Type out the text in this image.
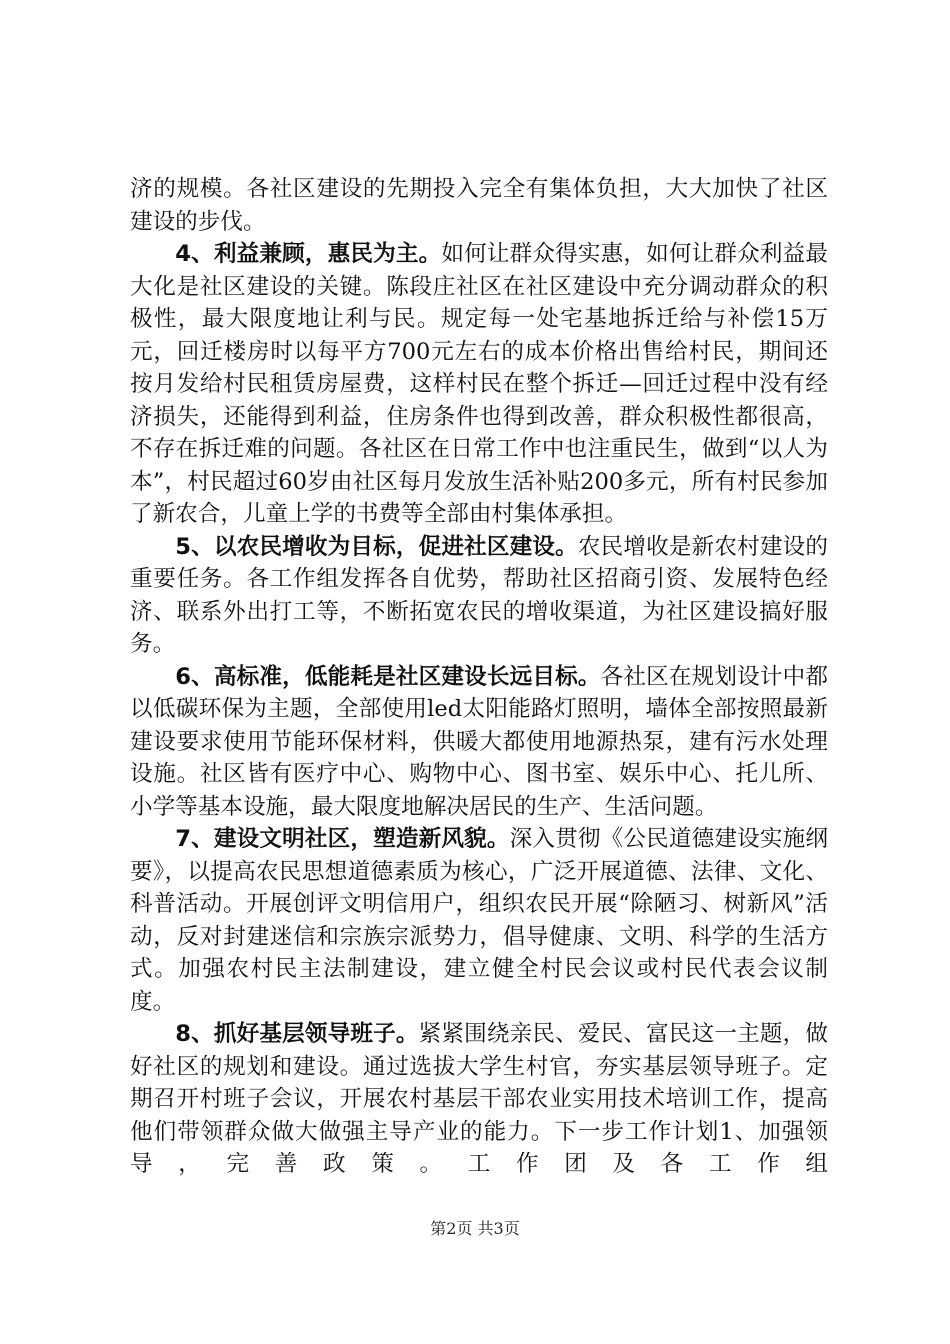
济的规模。各社区建设的先期投入完全有集体负担，大大加快了社区建设的步伐。

4、利益兼顾，惠民为主。如何让群众得实惠，如何让群众利益最大化是社区建设的关键。陈段庄社区在社区建设中充分调动群众的积极性，最大限度地让利与民。规定每一处宅基地拆迁给与补偿15万元，回迁楼房时以每平方700元左右的成本价格出售给村民，期间还按月发给村民租赁房屋费，这样村民在整个拆迁—回迁过程中没有经济损失，还能得到利益，住房条件也得到改善，群众积极性都很高，不存在拆迁难的问题。各社区在日常工作中也注重民生，做到“以人为本”，村民超过60岁由社区每月发放生活补贴200多元，所有村民参加了新农合，儿童上学的书费等全部由村集体承担。

5、以农民增收为目标，促进社区建设。农民增收是新农村建设的重要任务。各工作组发挥各自优势，帮助社区招商引资、发展特色经济、联系外出打工等，不断拓宽农民的增收渠道，为社区建设搞好服务。

6、高标准，低能耗是社区建设长远目标。各社区在规划设计中都以低碳环保为主题，全部使用led太阳能路灯照明，墙体全部按照最新建设要求使用节能环保材料，供暖大都使用地源热泵，建有污水处理设施。社区皆有医疗中心、购物中心、图书室、娱乐中心、托儿所、小学等基本设施，最大限度地解决居民的生产、生活问题。

7、建设文明社区，塑造新风貌。深入贯彻《公民道德建设实施纲要》，以提高农民思想道德素质为核心，广泛开展道德、法律、文化、科普活动。开展创评文明信用户，组织农民开展“除陋习、树新风”活动，反对封建迷信和宗族宗派势力，倡导健康、文明、科学的生活方式。加强农村民主法制建设，建立健全村民会议或村民代表会议制度。

8、抓好基层领导班子。紧紧围绕亲民、爱民、富民这一主题，做好社区的规划和建设。通过选拔大学生村官，夯实基层领导班子。定期召开村班子会议，开展农村基层干部农业实用技术培训工作，提高他们带领群众做大做强主导产业的能力。下一步工作计划1、加强领导，完善政策。工作团及各工作组

第2页 共3页
